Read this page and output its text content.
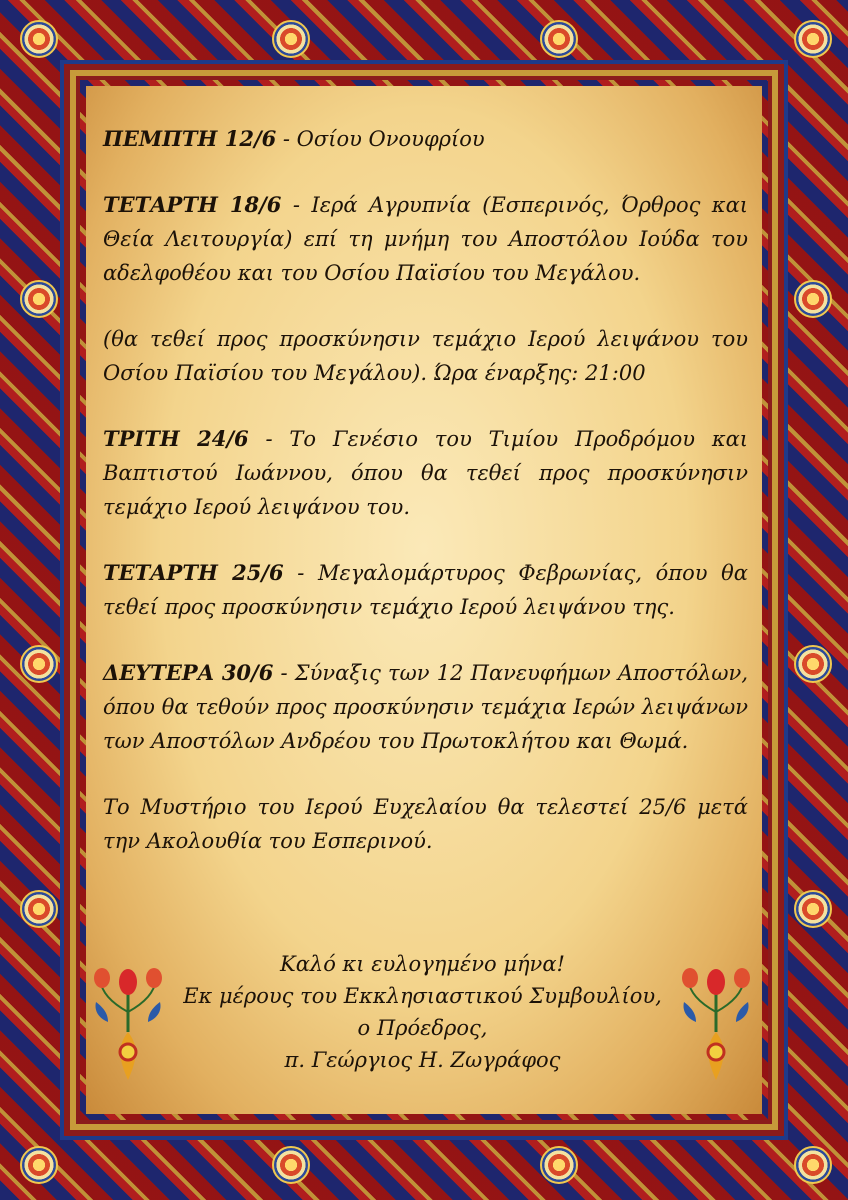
ΠΕΜΠΤΗ 12/6 - Οσίου Ονουφρίου

ΤΕΤΑΡΤΗ 18/6 - Ιερά Αγρυπνία (Εσπερινός, Όρθρος και Θεία Λειτουργία) επί τη μνήμη του Αποστόλου Ιούδα του αδελφοθέου και του Οσίου Παϊσίου του Μεγάλου.

(θα τεθεί προς προσκύνησιν τεμάχιο Ιερού λειψάνου του Οσίου Παϊσίου του Μεγάλου). Ώρα έναρξης: 21:00

ΤΡΙΤΗ 24/6 - Το Γενέσιο του Τιμίου Προδρόμου και Βαπτιστού Ιωάννου, όπου θα τεθεί προς προσκύνησιν τεμάχιο Ιερού λειψάνου του.

ΤΕΤΑΡΤΗ 25/6 - Μεγαλομάρτυρος Φεβρωνίας, όπου θα τεθεί προς προσκύνησιν τεμάχιο Ιερού λειψάνου της.

ΔΕΥΤΕΡΑ 30/6 - Σύναξις των 12 Πανευφήμων Αποστόλων, όπου θα τεθούν προς προσκύνησιν τεμάχια Ιερών λειψάνων των Αποστόλων Ανδρέου του Πρωτοκλήτου και Θωμά.

Το Μυστήριο του Ιερού Ευχελαίου θα τελεστεί 25/6 μετά την Ακολουθία του Εσπερινού.

Καλό κι ευλογημένο μήνα!
Εκ μέρους του Εκκλησιαστικού Συμβουλίου,
ο Πρόεδρος,
π. Γεώργιος Η. Ζωγράφος
